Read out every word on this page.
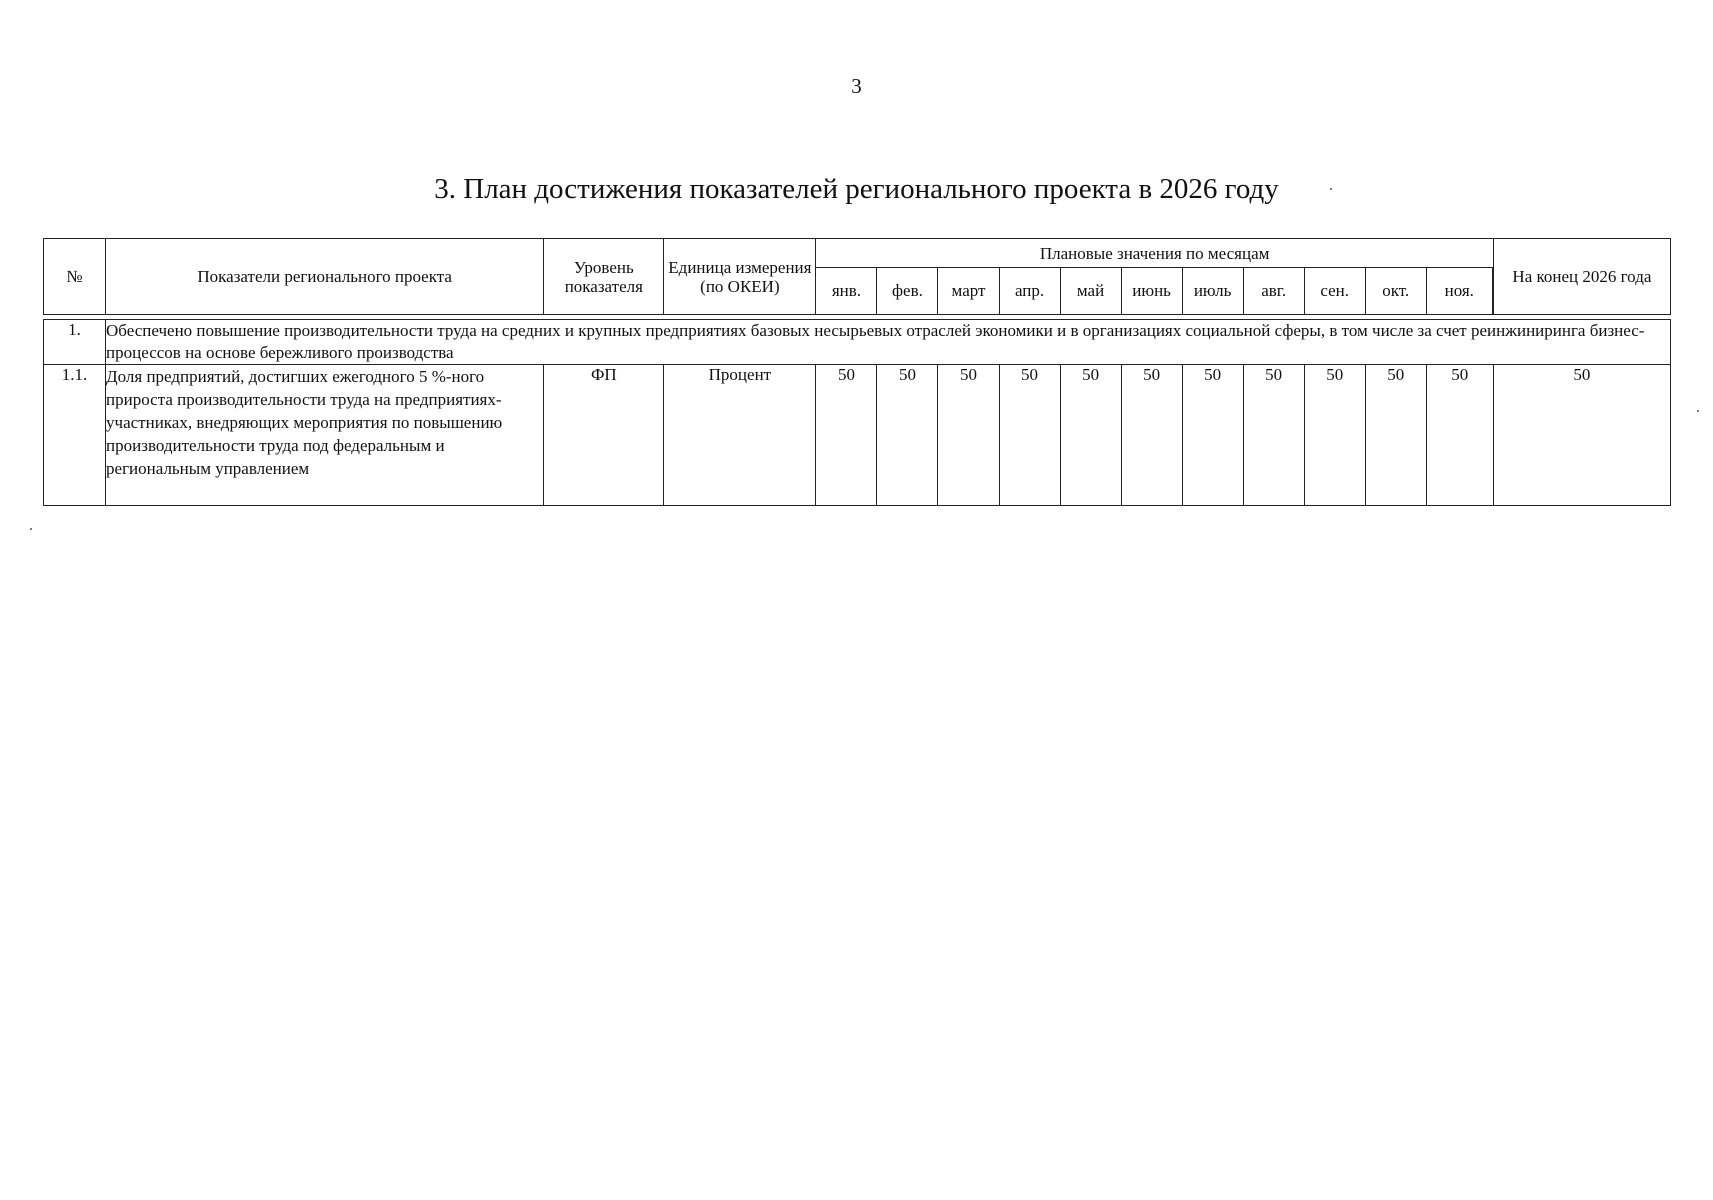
3
3. План достижения показателей регионального проекта в 2026 году
№	Показатели регионального проекта	Уровень показателя	Единица измерения (по ОКЕИ)	Плановые значения по месяцам											На конец 2026 года
				янв.	фев.	март	апр.	май	июнь	июль	авг.	сен.	окт.	ноя.	

1.	Обеспечено повышение производительности труда на средних и крупных предприятиях базовых несырьевых отраслей экономики и в организациях социальной сферы, в том числе за счет реинжиниринга бизнес-процессов на основе бережливого производства														
1.1.	Доля предприятий, достигших ежегодного 5 %-ного прироста производительности труда на предприятиях-участниках, внедряющих мероприятия по повышению производительности труда под федеральным и региональным управлением	ФП	Процент	50	50	50	50	50	50	50	50	50	50	50	50
